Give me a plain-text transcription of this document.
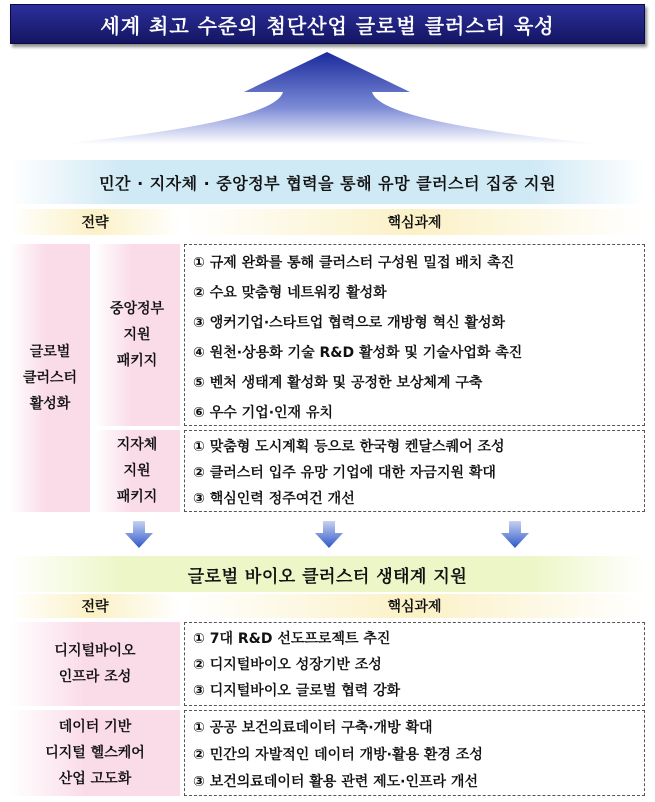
세계 최고 수준의 첨단산업 글로벌 클러스터 육성
민간 · 지자체 · 중앙정부 협력을 통해 유망 클러스터 집중 지원
전략	핵심과제
글로벌
클러스터
활성화
중앙정부
지원
패키지
지자체
지원
패키지
① 규제 완화를 통해 클러스터 구성원 밀접 배치 촉진
② 수요 맞춤형 네트워킹 활성화
③ 앵커기업·스타트업 협력으로 개방형 혁신 활성화
④ 원천·상용화 기술 R&D 활성화 및 기술사업화 촉진
⑤ 벤처 생태계 활성화 및 공정한 보상체계 구축
⑥ 우수 기업·인재 유치
① 맞춤형 도시계획 등으로 한국형 켄달스퀘어 조성
② 클러스터 입주 유망 기업에 대한 자금지원 확대
③ 핵심인력 정주여건 개선
글로벌 바이오 클러스터 생태계 지원
전략	핵심과제
디지털바이오
인프라 조성
① 7대 R&D 선도프로젝트 추진
② 디지털바이오 성장기반 조성
③ 디지털바이오 글로벌 협력 강화
데이터 기반
디지털 헬스케어
산업 고도화
① 공공 보건의료데이터 구축·개방 확대
② 민간의 자발적인 데이터 개방·활용 환경 조성
③ 보건의료데이터 활용 관련 제도·인프라 개선
